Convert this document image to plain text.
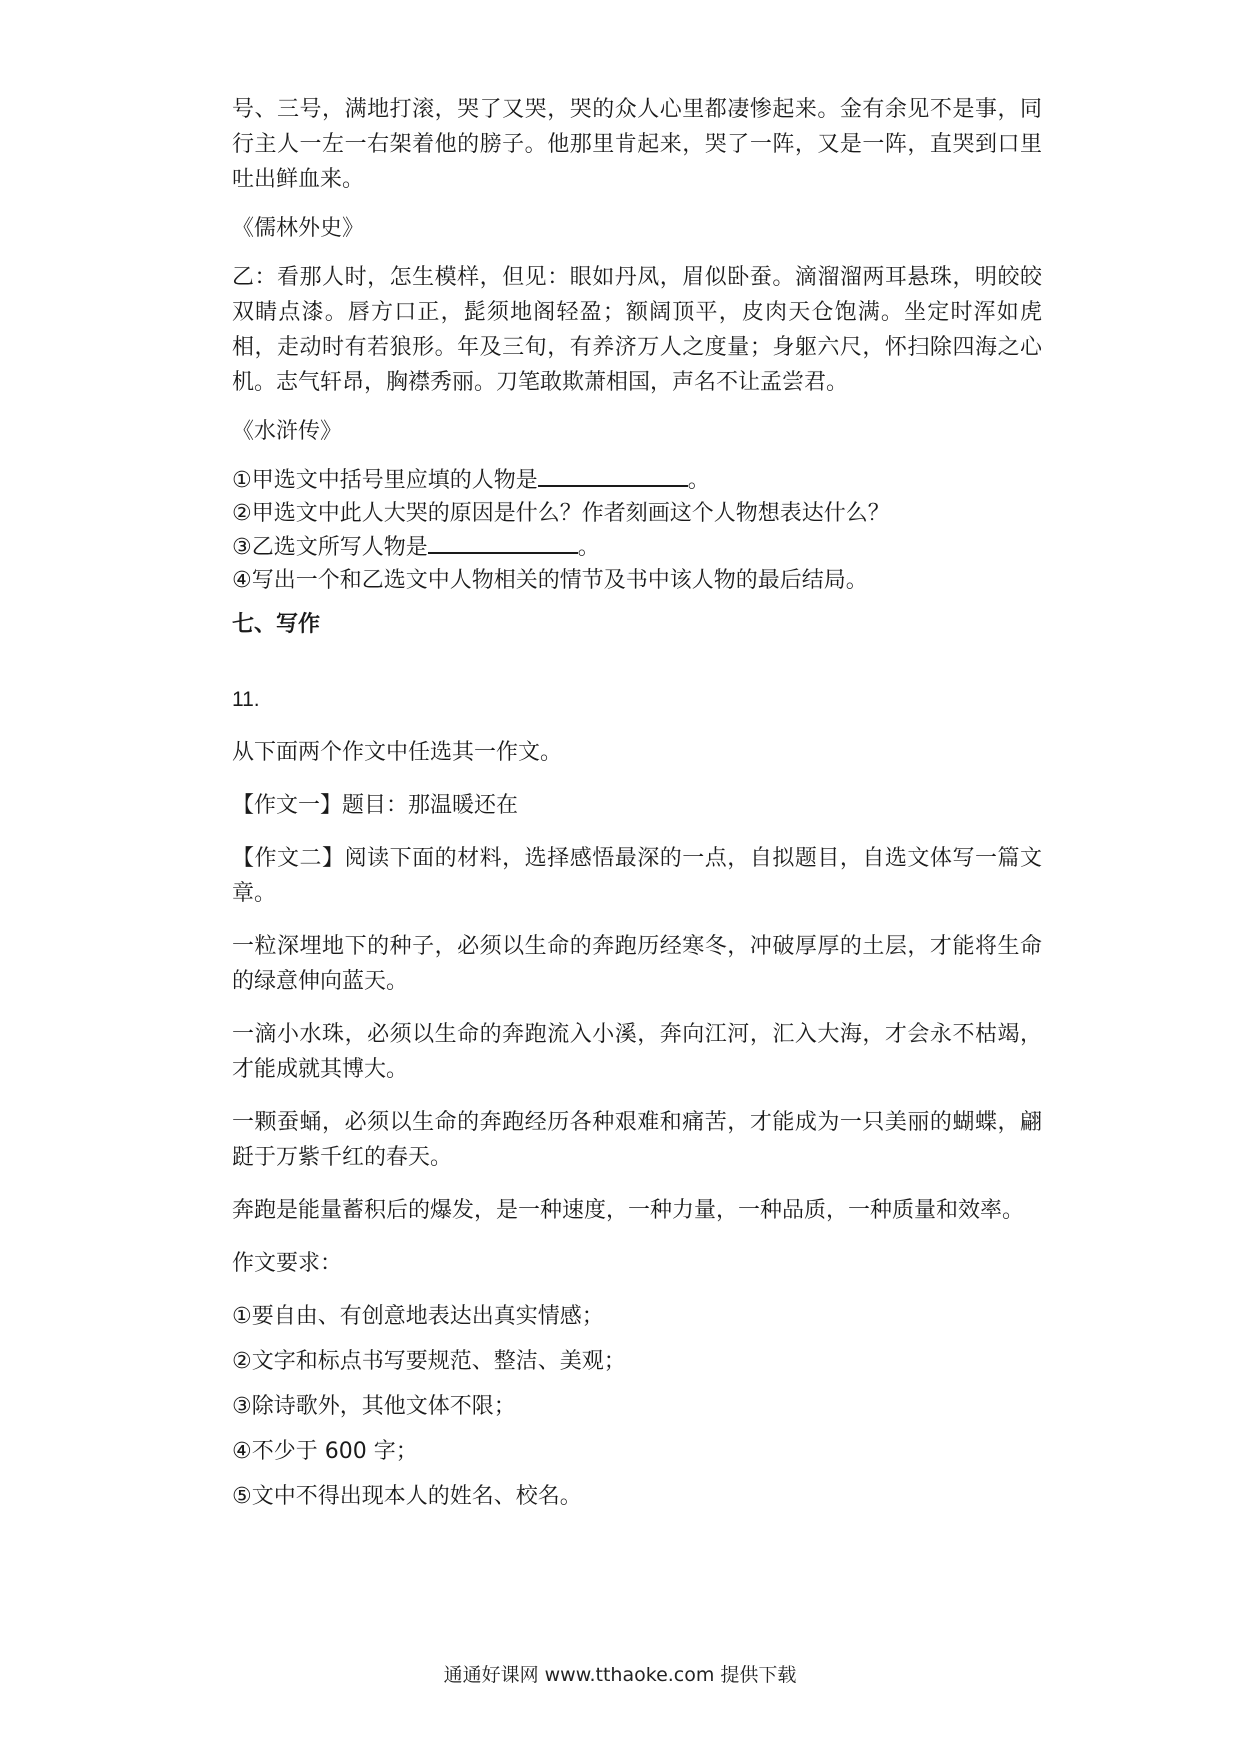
号、三号，满地打滚，哭了又哭，哭的众人心里都凄惨起来。金有余见不是事，同行主人一左一右架着他的膀子。他那里肯起来，哭了一阵，又是一阵，直哭到口里吐出鲜血来。

《儒林外史》

乙：看那人时，怎生模样，但见：眼如丹凤，眉似卧蚕。滴溜溜两耳悬珠，明皎皎双睛点漆。唇方口正，髭须地阁轻盈；额阔顶平，皮肉天仓饱满。坐定时浑如虎相，走动时有若狼形。年及三旬，有养济万人之度量；身躯六尺，怀扫除四海之心机。志气轩昂，胸襟秀丽。刀笔敢欺萧相国，声名不让孟尝君。

《水浒传》

①甲选文中括号里应填的人物是	。

②甲选文中此人大哭的原因是什么？作者刻画这个人物想表达什么？

③乙选文所写人物是	。

④写出一个和乙选文中人物相关的情节及书中该人物的最后结局。

七、写作

11.

从下面两个作文中任选其一作文。

【作文一】题目：那温暖还在

【作文二】阅读下面的材料，选择感悟最深的一点，自拟题目，自选文体写一篇文章。

一粒深埋地下的种子，必须以生命的奔跑历经寒冬，冲破厚厚的土层，才能将生命的绿意伸向蓝天。

一滴小水珠，必须以生命的奔跑流入小溪，奔向江河，汇入大海，才会永不枯竭，才能成就其博大。

一颗蚕蛹，必须以生命的奔跑经历各种艰难和痛苦，才能成为一只美丽的蝴蝶，翩跹于万紫千红的春天。

奔跑是能量蓄积后的爆发，是一种速度，一种力量，一种品质，一种质量和效率。

作文要求：

①要自由、有创意地表达出真实情感；

②文字和标点书写要规范、整洁、美观；

③除诗歌外，其他文体不限；

④不少于 600 字；

⑤文中不得出现本人的姓名、校名。

通通好课网 www.tthaoke.com 提供下载
